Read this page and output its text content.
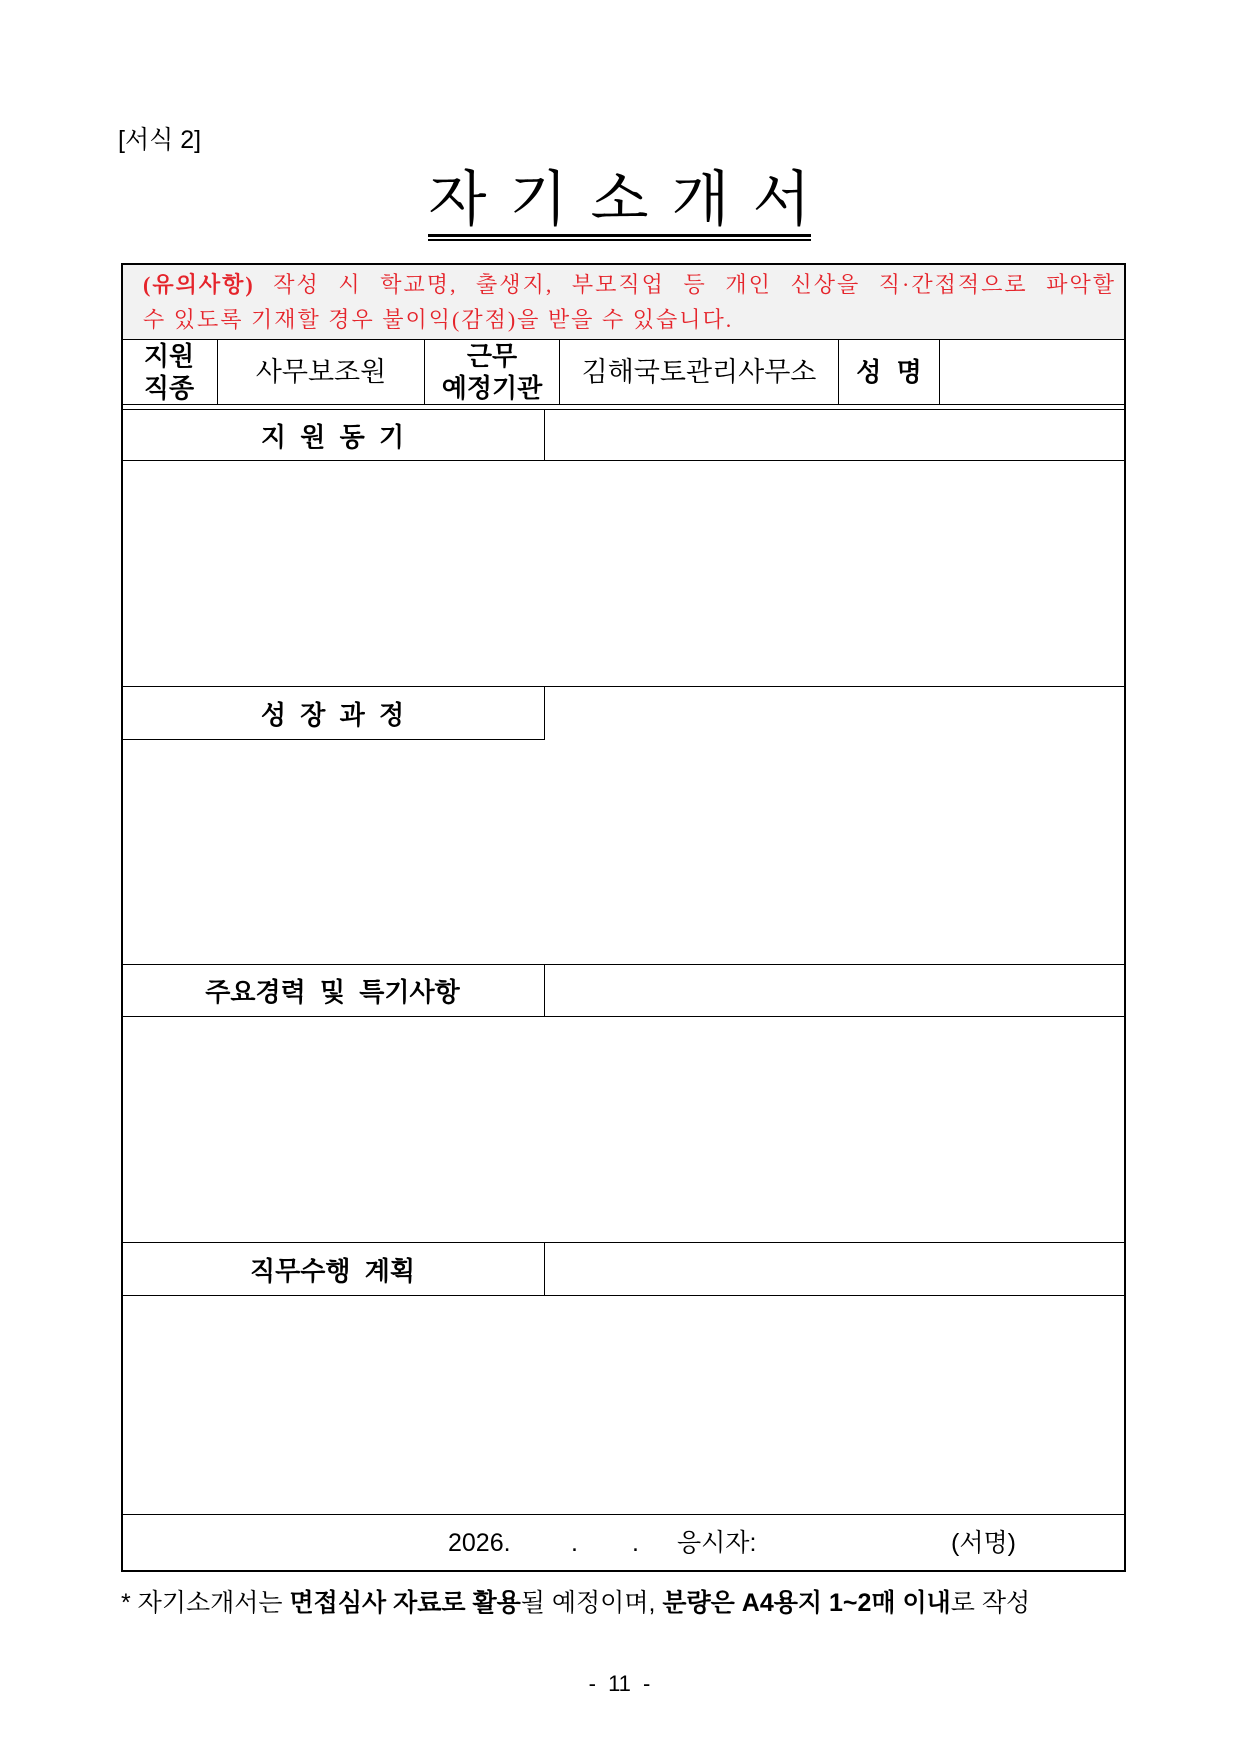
[서식 2]
자 기 소 개 서
(유의사항) 작성 시 학교명, 출생지, 부모직업 등 개인 신상을 직·간접적으로 파악할
수 있도록 기재할 경우 불이익(감점)을 받을 수 있습니다.
지원
직종
사무보조원
근무
예정기관
김해국토관리사무소 성 명
지 원 동 기
성 장 과 정
주요경력 및 특기사항
직무수행 계획
2026. . . 응시자:	(서명)
* 자기소개서는 면접심사 자료로 활용될 예정이며, 분량은 A4용지 1~2매 이내로 작성
- 11 -
